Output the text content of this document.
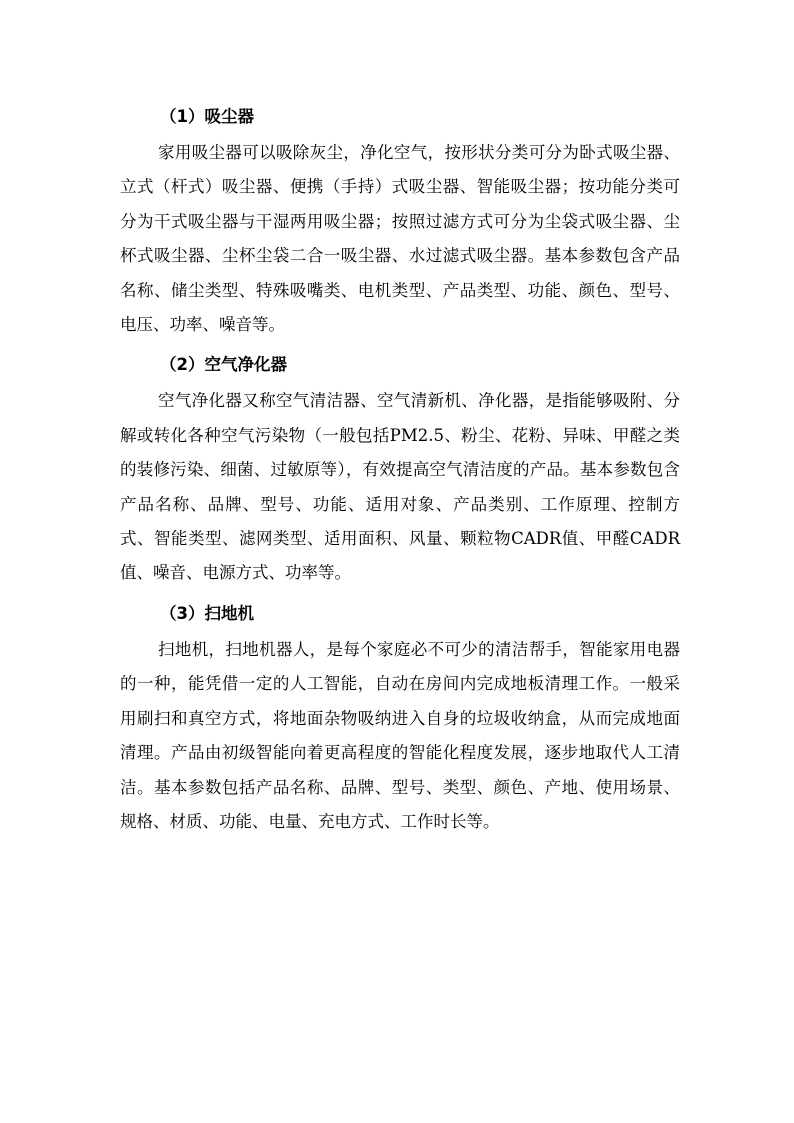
（1）吸尘器

家用吸尘器可以吸除灰尘，净化空气，按形状分类可分为卧式吸尘器、立式（杆式）吸尘器、便携（手持）式吸尘器、智能吸尘器；按功能分类可分为干式吸尘器与干湿两用吸尘器；按照过滤方式可分为尘袋式吸尘器、尘杯式吸尘器、尘杯尘袋二合一吸尘器、水过滤式吸尘器。基本参数包含产品名称、储尘类型、特殊吸嘴类、电机类型、产品类型、功能、颜色、型号、电压、功率、噪音等。

（2）空气净化器

空气净化器又称空气清洁器、空气清新机、净化器，是指能够吸附、分解或转化各种空气污染物（一般包括PM2.5、粉尘、花粉、异味、甲醛之类的装修污染、细菌、过敏原等），有效提高空气清洁度的产品。基本参数包含产品名称、品牌、型号、功能、适用对象、产品类别、工作原理、控制方式、智能类型、滤网类型、适用面积、风量、颗粒物CADR值、甲醛CADR值、噪音、电源方式、功率等。

（3）扫地机

扫地机，扫地机器人，是每个家庭必不可少的清洁帮手，智能家用电器的一种，能凭借一定的人工智能，自动在房间内完成地板清理工作。一般采用刷扫和真空方式，将地面杂物吸纳进入自身的垃圾收纳盒，从而完成地面清理。产品由初级智能向着更高程度的智能化程度发展，逐步地取代人工清洁。基本参数包括产品名称、品牌、型号、类型、颜色、产地、使用场景、规格、材质、功能、电量、充电方式、工作时长等。
